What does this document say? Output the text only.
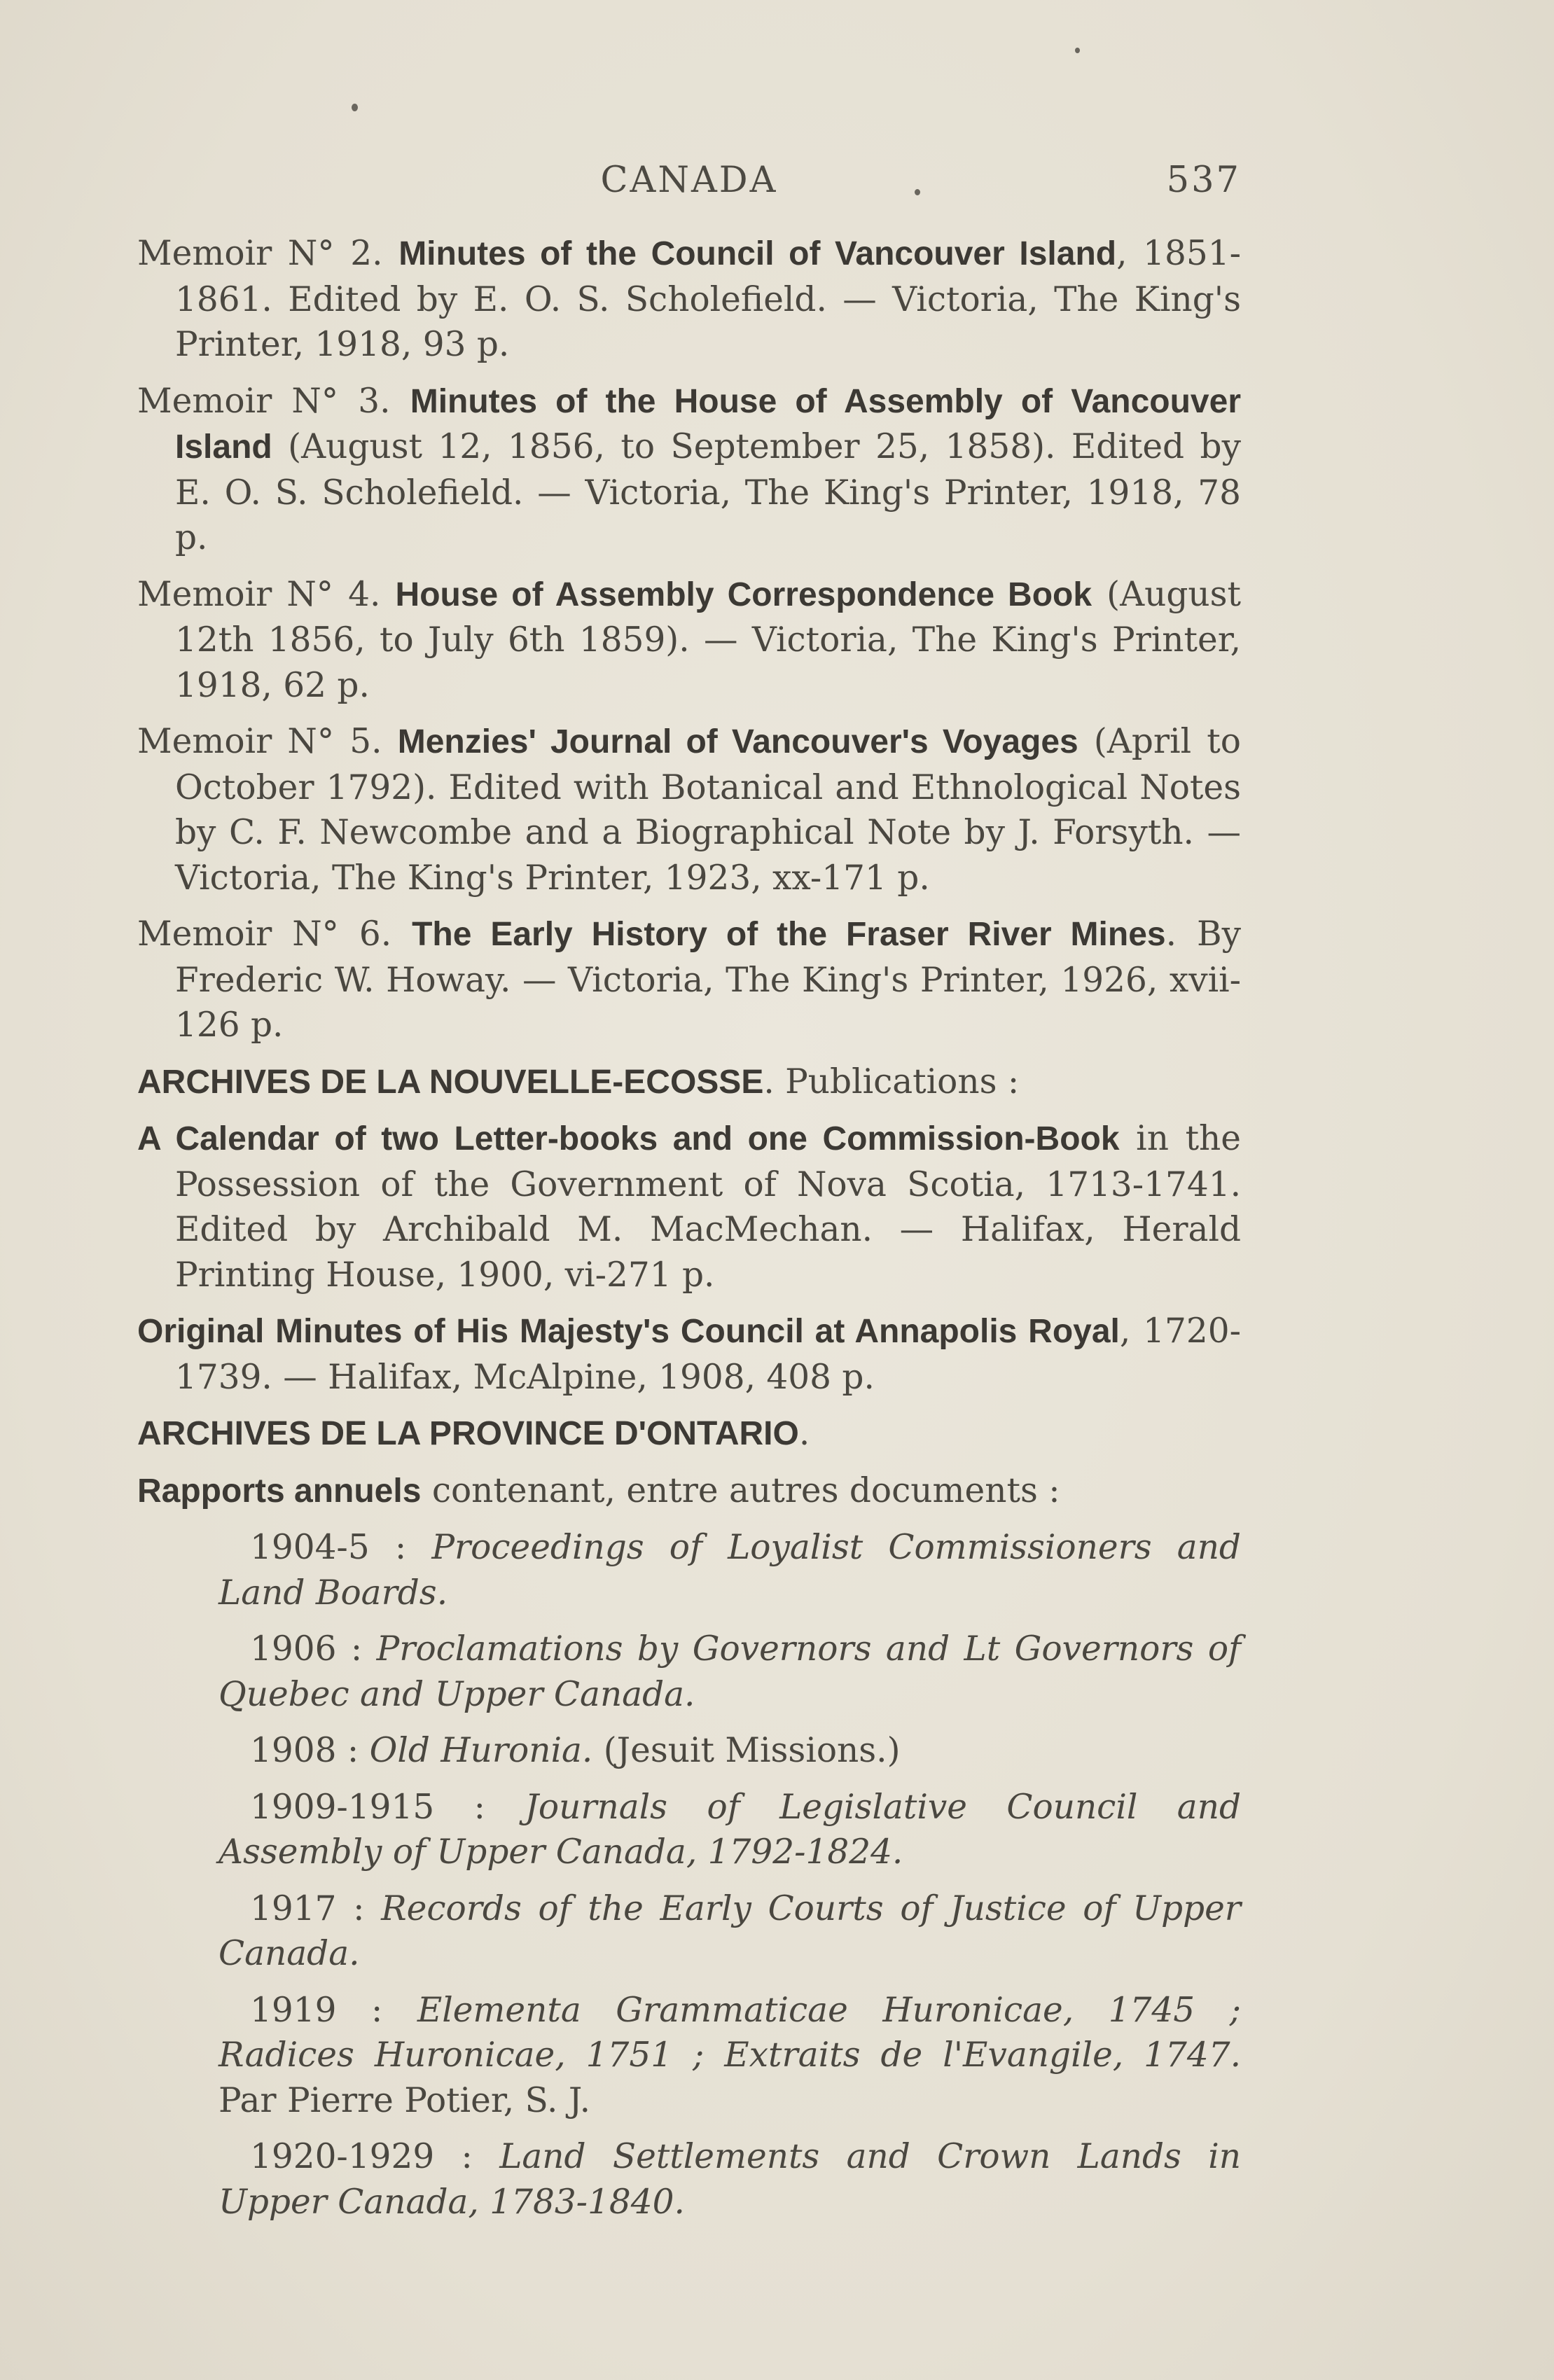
CANADA	537

Memoir N° 2. Minutes of the Council of Vancouver Island, 1851-1861. Edited by E. O. S. Scholefield. — Victoria, The King's Printer, 1918, 93 p.

Memoir N° 3. Minutes of the House of Assembly of Vancouver Island (August 12, 1856, to September 25, 1858). Edited by E. O. S. Scholefield. — Victoria, The King's Printer, 1918, 78 p.

Memoir N° 4. House of Assembly Correspondence Book (August 12th 1856, to July 6th 1859). — Victoria, The King's Printer, 1918, 62 p.

Memoir N° 5. Menzies' Journal of Vancouver's Voyages (April to October 1792). Edited with Botanical and Ethnological Notes by C. F. Newcombe and a Biographical Note by J. Forsyth. — Victoria, The King's Printer, 1923, xx-171 p.

Memoir N° 6. The Early History of the Fraser River Mines. By Frederic W. Howay. — Victoria, The King's Printer, 1926, xvii-126 p.

ARCHIVES DE LA NOUVELLE-ECOSSE. Publications :

A Calendar of two Letter-books and one Commission-Book in the Possession of the Government of Nova Scotia, 1713-1741. Edited by Archibald M. MacMechan. — Halifax, Herald Printing House, 1900, vi-271 p.

Original Minutes of His Majesty's Council at Annapolis Royal, 1720-1739. — Halifax, McAlpine, 1908, 408 p.

ARCHIVES DE LA PROVINCE D'ONTARIO.

Rapports annuels contenant, entre autres documents :

1904-5 : Proceedings of Loyalist Commissioners and Land Boards.

1906 : Proclamations by Governors and Lt Governors of Quebec and Upper Canada.

1908 : Old Huronia. (Jesuit Missions.)

1909-1915 : Journals of Legislative Council and Assembly of Upper Canada, 1792-1824.

1917 : Records of the Early Courts of Justice of Upper Canada.

1919 : Elementa Grammaticae Huronicae, 1745 ; Radices Huronicae, 1751 ; Extraits de l'Evangile, 1747. Par Pierre Potier, S. J.

1920-1929 : Land Settlements and Crown Lands in Upper Canada, 1783-1840.
